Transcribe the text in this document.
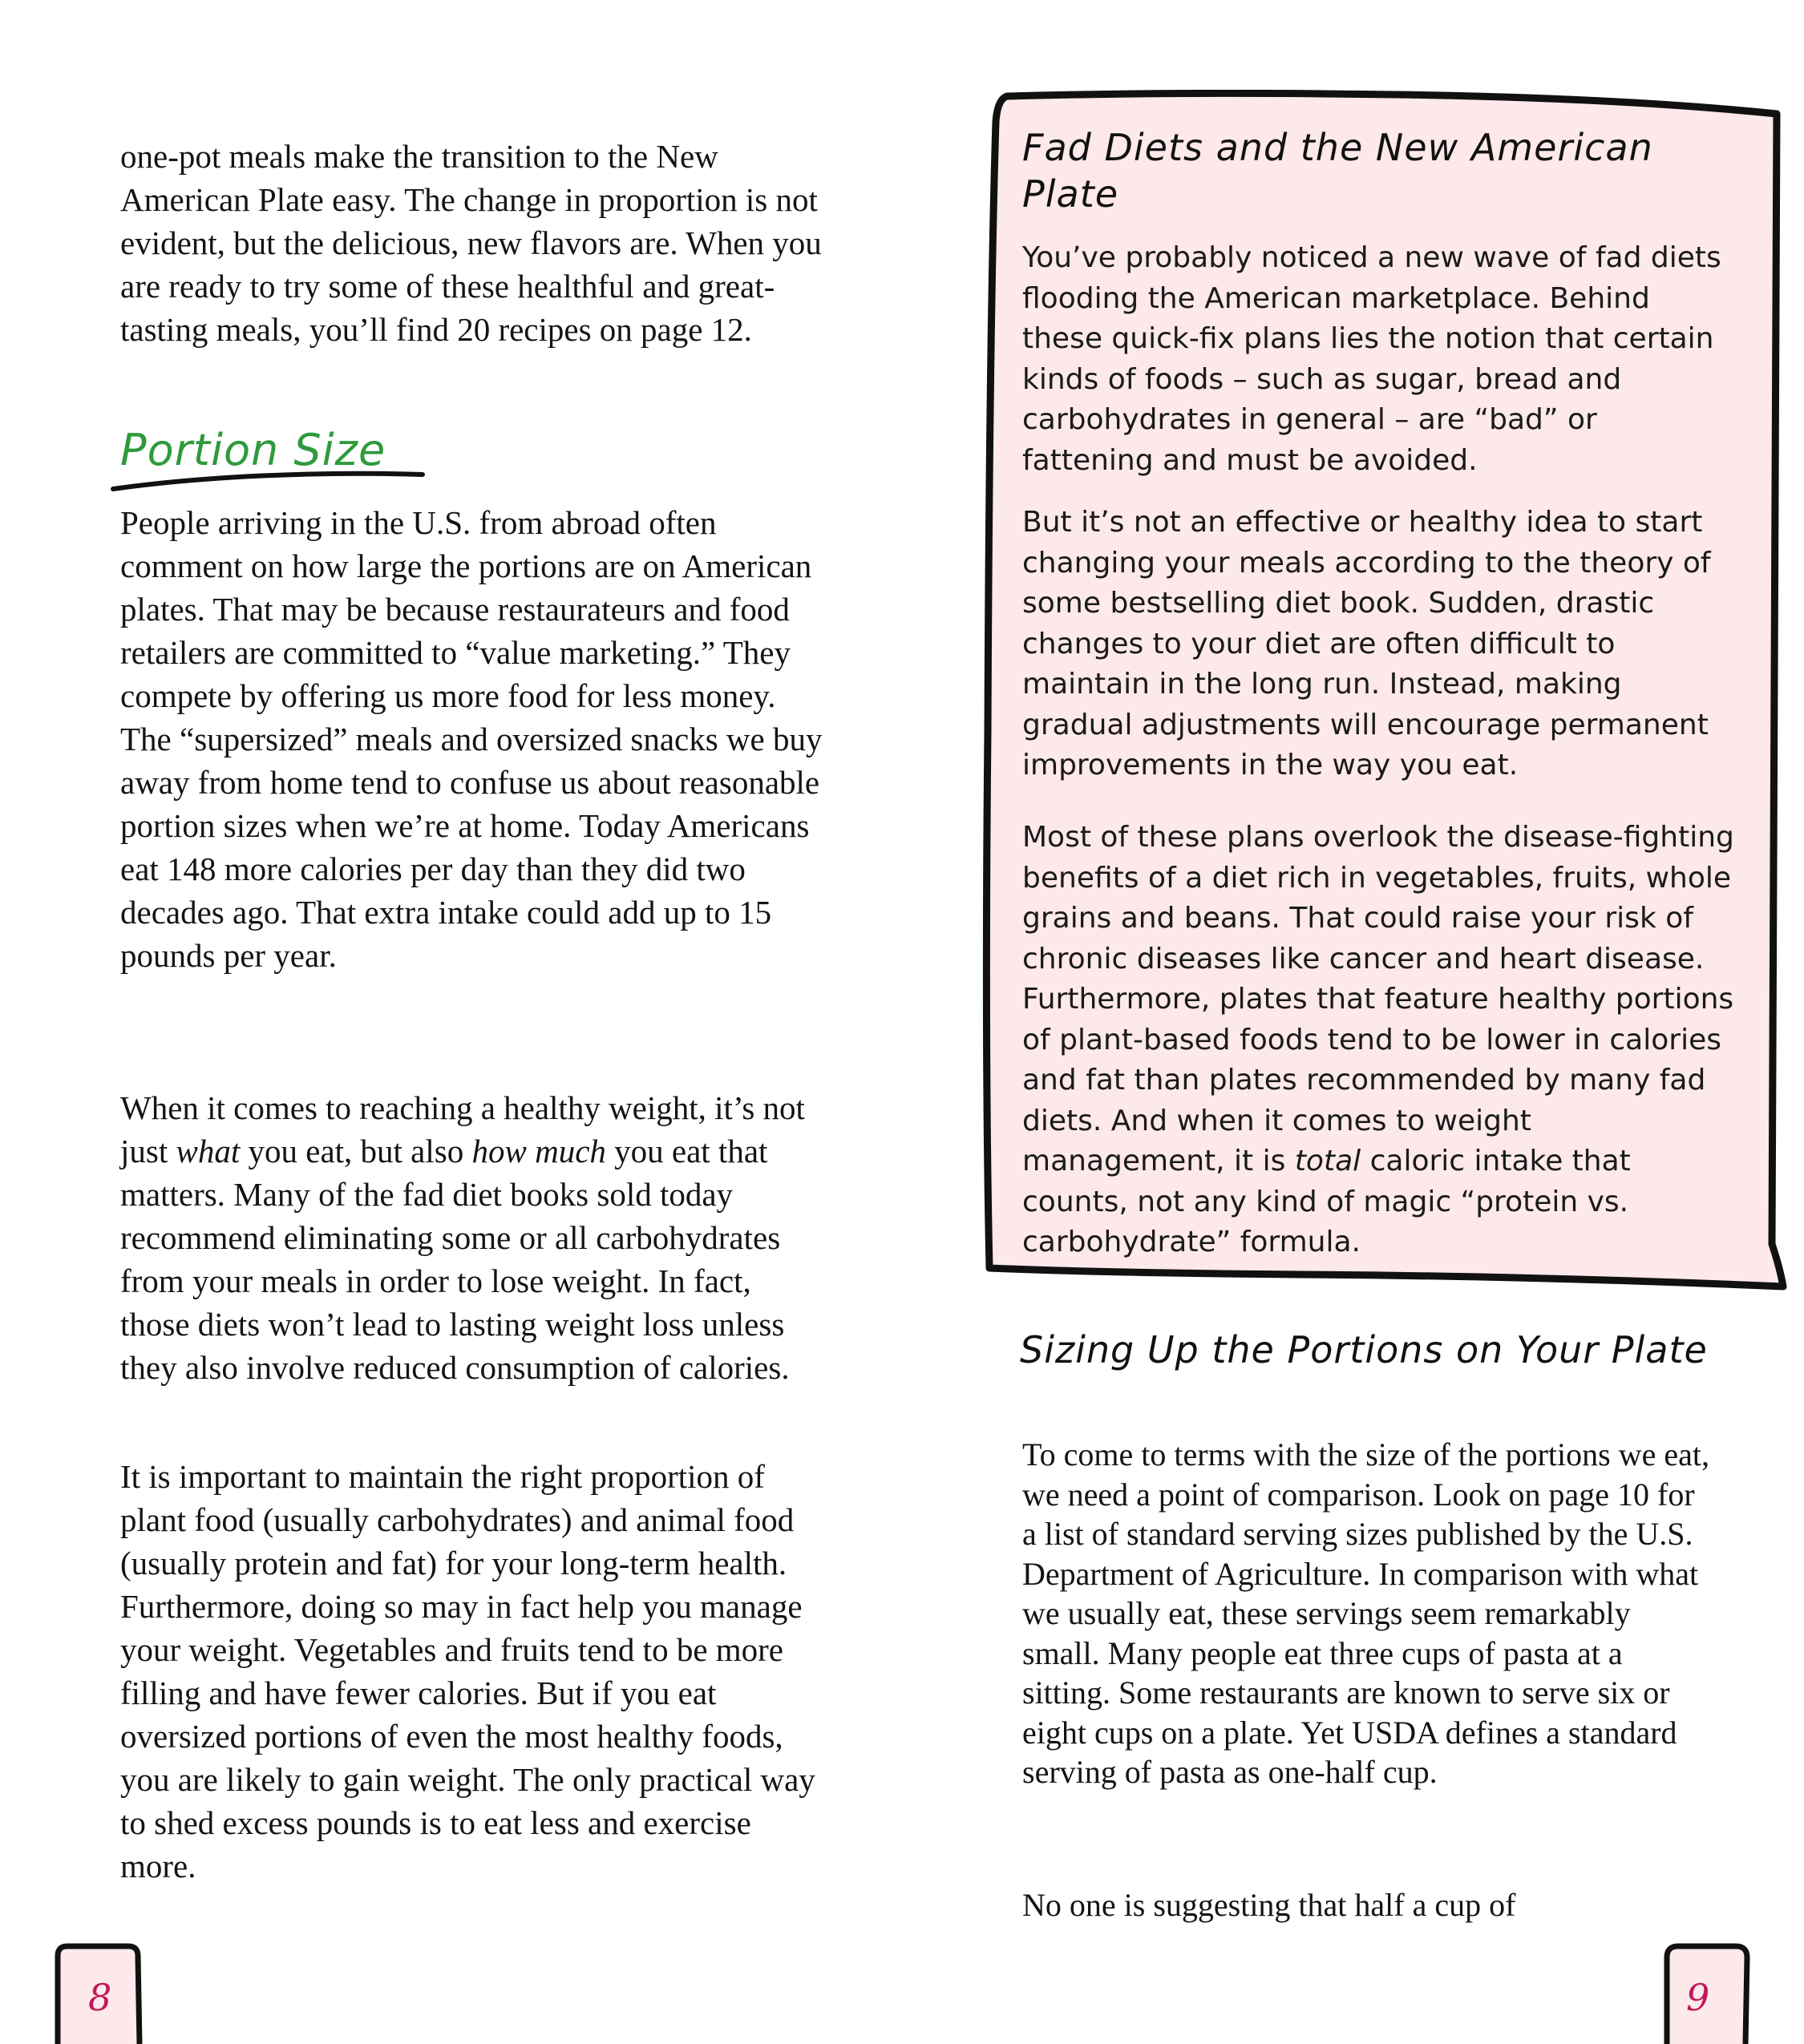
one-pot meals make the transition to the New American Plate easy. The change in proportion is not evident, but the delicious, new flavors are. When you are ready to try some of these healthful and great-tasting meals, you’ll find 20 recipes on page 12.

Portion Size

People arriving in the U.S. from abroad often comment on how large the portions are on American plates. That may be because restaurateurs and food retailers are committed to “value marketing.” They compete by offering us more food for less money. The “supersized” meals and oversized snacks we buy away from home tend to confuse us about reasonable portion sizes when we’re at home. Today Americans eat 148 more calories per day than they did two decades ago. That extra intake could add up to 15 pounds per year.

When it comes to reaching a healthy weight, it’s not just what you eat, but also how much you eat that matters. Many of the fad diet books sold today recommend eliminating some or all carbohydrates from your meals in order to lose weight. In fact, those diets won’t lead to lasting weight loss unless they also involve reduced consumption of calories.

It is important to maintain the right proportion of plant food (usually carbohydrates) and animal food (usually protein and fat) for your long-term health. Furthermore, doing so may in fact help you manage your weight. Vegetables and fruits tend to be more filling and have fewer calories. But if you eat oversized portions of even the most healthy foods, you are likely to gain weight. The only practical way to shed excess pounds is to eat less and exercise more.

8
Fad Diets and the New American Plate
You’ve probably noticed a new wave of fad diets flooding the American marketplace. Behind these quick-fix plans lies the notion that certain kinds of foods – such as sugar, bread and carbohydrates in general – are “bad” or fattening and must be avoided.
But it’s not an effective or healthy idea to start changing your meals according to the theory of some bestselling diet book. Sudden, drastic changes to your diet are often difficult to maintain in the long run. Instead, making gradual adjustments will encourage permanent improvements in the way you eat.
Most of these plans overlook the disease-fighting benefits of a diet rich in vegetables, fruits, whole grains and beans. That could raise your risk of chronic diseases like cancer and heart disease. Furthermore, plates that feature healthy portions of plant-based foods tend to be lower in calories and fat than plates recommended by many fad diets. And when it comes to weight management, it is total caloric intake that counts, not any kind of magic “protein vs. carbohydrate” formula.
Sizing Up the Portions on Your Plate

To come to terms with the size of the portions we eat, we need a point of comparison. Look on page 10 for a list of standard serving sizes published by the U.S. Department of Agriculture. In comparison with what we usually eat, these servings seem remarkably small. Many people eat three cups of pasta at a sitting. Some restaurants are known to serve six or eight cups on a plate. Yet USDA defines a standard serving of pasta as one-half cup.

No one is suggesting that half a cup of

9
